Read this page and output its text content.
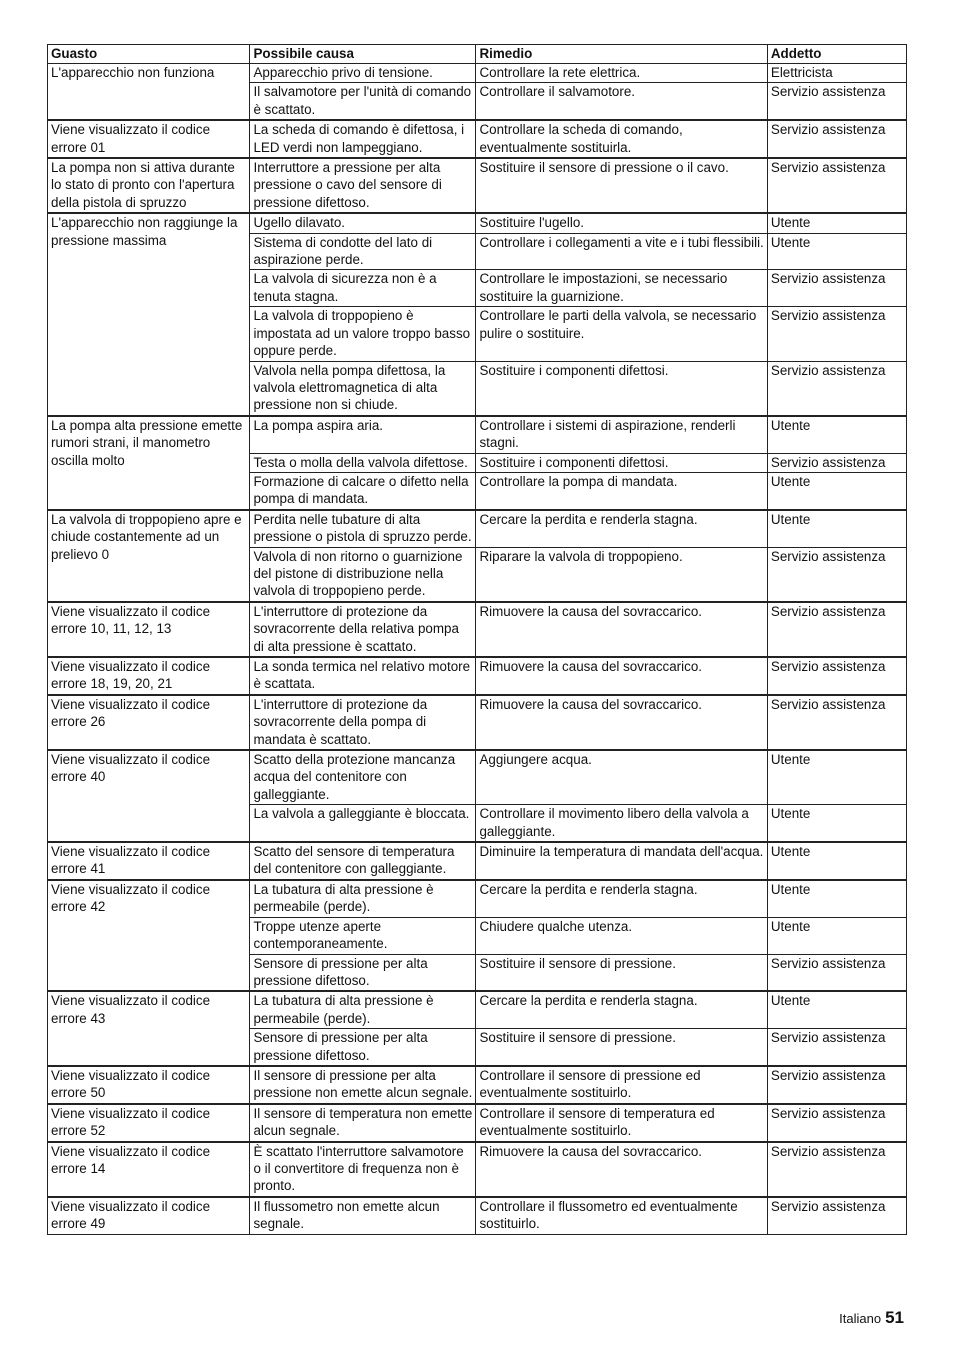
Guasto	Possibile causa	Rimedio	Addetto
L'apparecchio non funziona	Apparecchio privo di tensione.	Controllare la rete elettrica.	Elettricista
	Il salvamotore per l'unità di comando è scattato.	Controllare il salvamotore.	Servizio assistenza
Viene visualizzato il codice errore 01	La scheda di comando è difettosa, i LED verdi non lampeggiano.	Controllare la scheda di comando, eventualmente sostituirla.	Servizio assistenza
La pompa non si attiva durante lo stato di pronto con l'apertura della pistola di spruzzo	Interruttore a pressione per alta pressione o cavo del sensore di pressione difettoso.	Sostituire il sensore di pressione o il cavo.	Servizio assistenza
L'apparecchio non raggiunge la pressione massima	Ugello dilavato.	Sostituire l'ugello.	Utente
	Sistema di condotte del lato di aspirazione perde.	Controllare i collegamenti a vite e i tubi flessibili.	Utente
	La valvola di sicurezza non è a tenuta stagna.	Controllare le impostazioni, se necessario sostituire la guarnizione.	Servizio assistenza
	La valvola di troppopieno è impostata ad un valore troppo basso oppure perde.	Controllare le parti della valvola, se necessario pulire o sostituire.	Servizio assistenza
	Valvola nella pompa difettosa, la valvola elettromagnetica di alta pressione non si chiude.	Sostituire i componenti difettosi.	Servizio assistenza
La pompa alta pressione emette rumori strani, il manometro oscilla molto	La pompa aspira aria.	Controllare i sistemi di aspirazione, renderli stagni.	Utente
	Testa o molla della valvola difettose.	Sostituire i componenti difettosi.	Servizio assistenza
	Formazione di calcare o difetto nella pompa di mandata.	Controllare la pompa di mandata.	Utente
La valvola di troppopieno apre e chiude costantemente ad un prelievo 0	Perdita nelle tubature di alta pressione o pistola di spruzzo perde.	Cercare la perdita e renderla stagna.	Utente
	Valvola di non ritorno o guarnizione del pistone di distribuzione nella valvola di troppopieno perde.	Riparare la valvola di troppopieno.	Servizio assistenza
Viene visualizzato il codice errore 10, 11, 12, 13	L'interruttore di protezione da sovracorrente della relativa pompa di alta pressione è scattato.	Rimuovere la causa del sovraccarico.	Servizio assistenza
Viene visualizzato il codice errore 18, 19, 20, 21	La sonda termica nel relativo motore è scattata.	Rimuovere la causa del sovraccarico.	Servizio assistenza
Viene visualizzato il codice errore 26	L'interruttore di protezione da sovracorrente della pompa di mandata è scattato.	Rimuovere la causa del sovraccarico.	Servizio assistenza
Viene visualizzato il codice errore 40	Scatto della protezione mancanza acqua del contenitore con galleggiante.	Aggiungere acqua.	Utente
	La valvola a galleggiante è bloccata.	Controllare il movimento libero della valvola a galleggiante.	Utente
Viene visualizzato il codice errore 41	Scatto del sensore di temperatura del contenitore con galleggiante.	Diminuire la temperatura di mandata dell'acqua.	Utente
Viene visualizzato il codice errore 42	La tubatura di alta pressione è permeabile (perde).	Cercare la perdita e renderla stagna.	Utente
	Troppe utenze aperte contemporaneamente.	Chiudere qualche utenza.	Utente
	Sensore di pressione per alta pressione difettoso.	Sostituire il sensore di pressione.	Servizio assistenza
Viene visualizzato il codice errore 43	La tubatura di alta pressione è permeabile (perde).	Cercare la perdita e renderla stagna.	Utente
	Sensore di pressione per alta pressione difettoso.	Sostituire il sensore di pressione.	Servizio assistenza
Viene visualizzato il codice errore 50	Il sensore di pressione per alta pressione non emette alcun segnale.	Controllare il sensore di pressione ed eventualmente sostituirlo.	Servizio assistenza
Viene visualizzato il codice errore 52	Il sensore di temperatura non emette alcun segnale.	Controllare il sensore di temperatura ed eventualmente sostituirlo.	Servizio assistenza
Viene visualizzato il codice errore 14	È scattato l'interruttore salvamotore o il convertitore di frequenza non è pronto.	Rimuovere la causa del sovraccarico.	Servizio assistenza
Viene visualizzato il codice errore 49	Il flussometro non emette alcun segnale.	Controllare il flussometro ed eventualmente sostituirlo.	Servizio assistenza
Italiano 51
